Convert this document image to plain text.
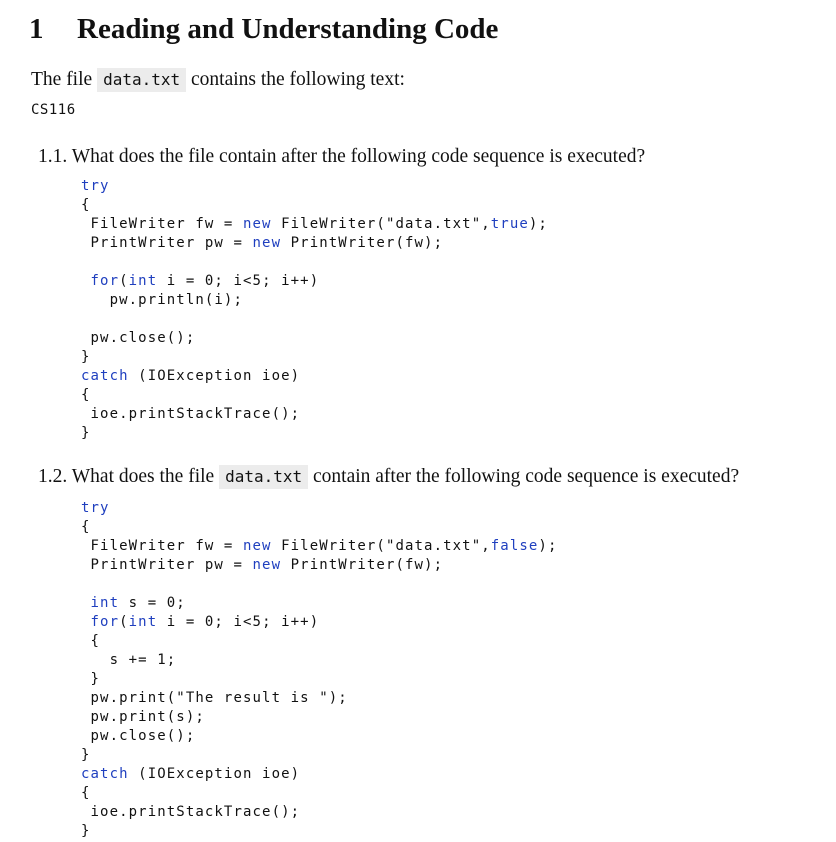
1 Reading and Understanding Code
The file data.txt contains the following text:
CS116
1.1. What does the file contain after the following code sequence is executed?
try
{
FileWriter fw = new FileWriter("data.txt",true);
PrintWriter pw = new PrintWriter(fw);
for(int i = 0; i<5; i++)
pw.println(i);
pw.close();
}
catch (IOException ioe)
{
ioe.printStackTrace();
}
1.2. What does the file data.txt contain after the following code sequence is executed?
try
{
FileWriter fw = new FileWriter("data.txt",false);
PrintWriter pw = new PrintWriter(fw);
int s = 0;
for(int i = 0; i<5; i++)
{
s += 1;
}
pw.print("The result is ");
pw.print(s);
pw.close();
}
catch (IOException ioe)
{
ioe.printStackTrace();
}
